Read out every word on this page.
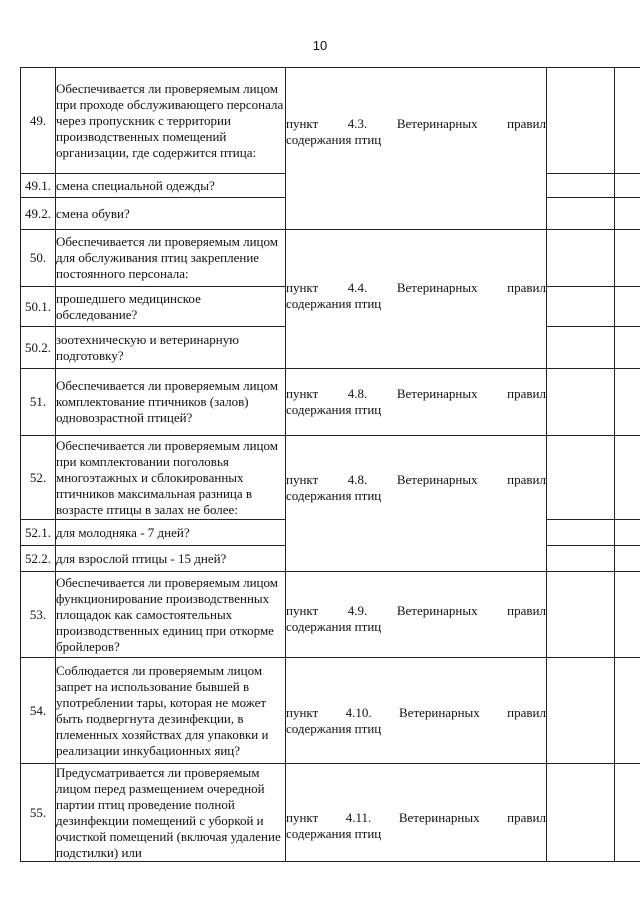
10
49.	Обеспечивается ли проверяемым лицом при проходе обслуживающего персонала через пропускник с территории производственных помещений организации, где содержится птица:	пункт 4.3. Ветеринарных правил
содержания птиц		

49.1.	смена специальной одежды?			
49.2.	смена обуви?			
50.	Обеспечивается ли проверяемым лицом для обслуживания птиц закрепление постоянного персонала:	пункт 4.4. Ветеринарных правил
содержания птиц		

50.1.	прошедшего медицинское обследование?			
50.2.	зоотехническую и ветеринарную подготовку?			
51.	Обеспечивается ли проверяемым лицом комплектование птичников (залов) одновозрастной птицей?	пункт 4.8. Ветеринарных правил
содержания птиц		

52.	Обеспечивается ли проверяемым лицом при комплектовании поголовья многоэтажных и сблокированных птичников максимальная разница в возрасте птицы в залах не более:	пункт 4.8. Ветеринарных правил
содержания птиц		

52.1.	для молодняка - 7 дней?			
52.2.	для взрослой птицы - 15 дней?			
53.	Обеспечивается ли проверяемым лицом функционирование производственных площадок как самостоятельных производственных единиц при откорме бройлеров?	пункт 4.9. Ветеринарных правил
содержания птиц		

54.	Соблюдается ли проверяемым лицом запрет на использование бывшей в употреблении тары, которая не может быть подвергнута дезинфекции, в племенных хозяйствах для упаковки и реализации инкубационных яиц?	пункт 4.10. Ветеринарных правил
содержания птиц		

55.	Предусматривается ли проверяемым лицом перед размещением очередной партии птиц проведение полной дезинфекции помещений с уборкой и очисткой помещений (включая удаление подстилки) или	пункт 4.11. Ветеринарных правил
содержания птиц		
